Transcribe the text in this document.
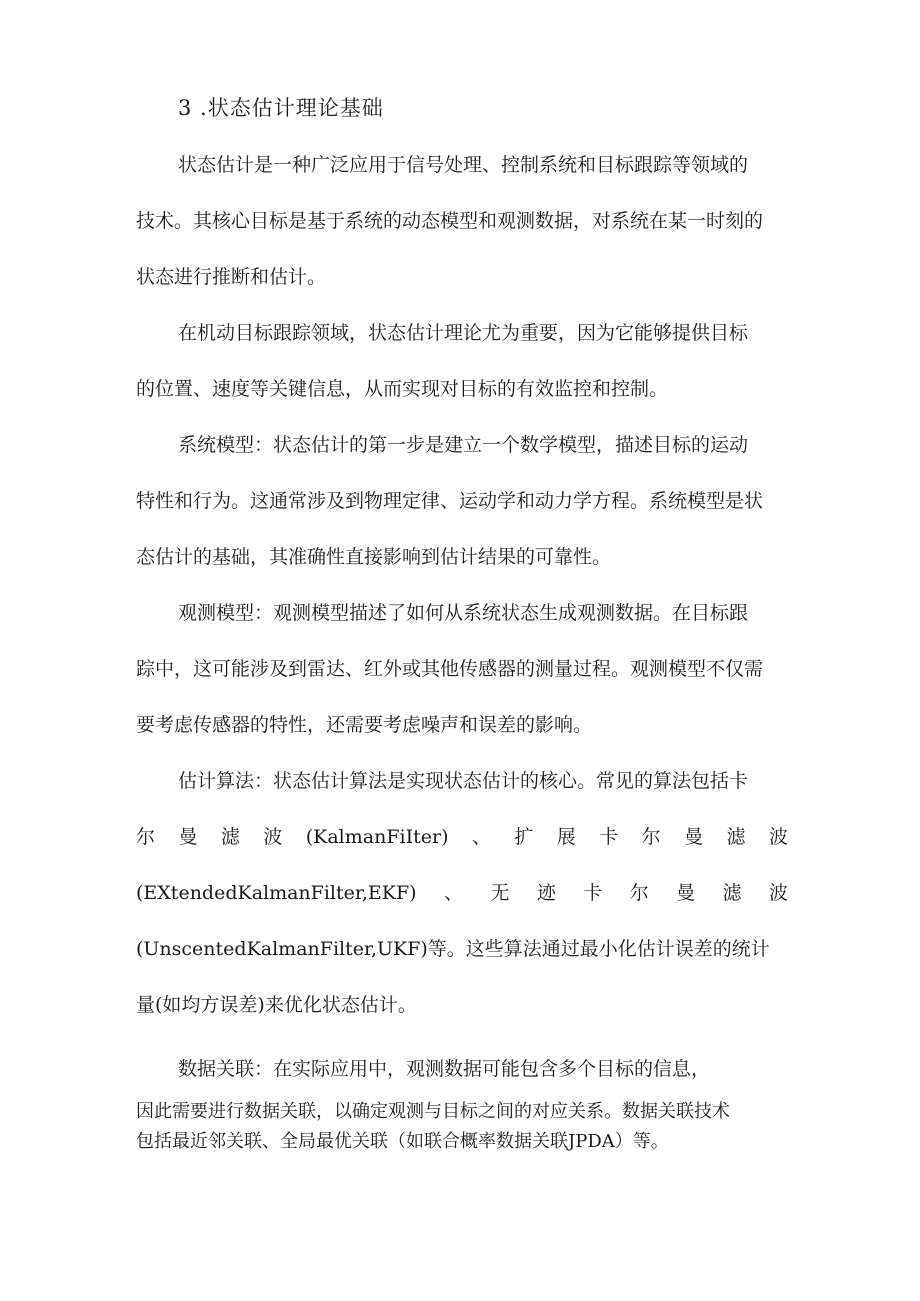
3 .状态估计理论基础
状态估计是一种广泛应用于信号处理、控制系统和目标跟踪等领域的
技术。其核心目标是基于系统的动态模型和观测数据，对系统在某一时刻的
状态进行推断和估计。
在机动目标跟踪领域，状态估计理论尤为重要，因为它能够提供目标
的位置、速度等关键信息，从而实现对目标的有效监控和控制。
系统模型：状态估计的第一步是建立一个数学模型，描述目标的运动
特性和行为。这通常涉及到物理定律、运动学和动力学方程。系统模型是状
态估计的基础，其准确性直接影响到估计结果的可靠性。
观测模型：观测模型描述了如何从系统状态生成观测数据。在目标跟
踪中，这可能涉及到雷达、红外或其他传感器的测量过程。观测模型不仅需
要考虑传感器的特性，还需要考虑噪声和误差的影响。
估计算法：状态估计算法是实现状态估计的核心。常见的算法包括卡
尔 曼 滤 波 (KalmanFiIter) 、 扩 展 卡 尔 曼 滤 波
(EXtendedKalmanFilter,EKF) 、 无 迹 卡 尔 曼 滤 波
(UnscentedKalmanFilter,UKF)等。这些算法通过最小化估计误差的统计
量(如均方误差)来优化状态估计。
数据关联：在实际应用中，观测数据可能包含多个目标的信息，
因此需要进行数据关联，以确定观测与目标之间的对应关系。数据关联技术
包括最近邻关联、全局最优关联（如联合概率数据关联JPDA）等。
